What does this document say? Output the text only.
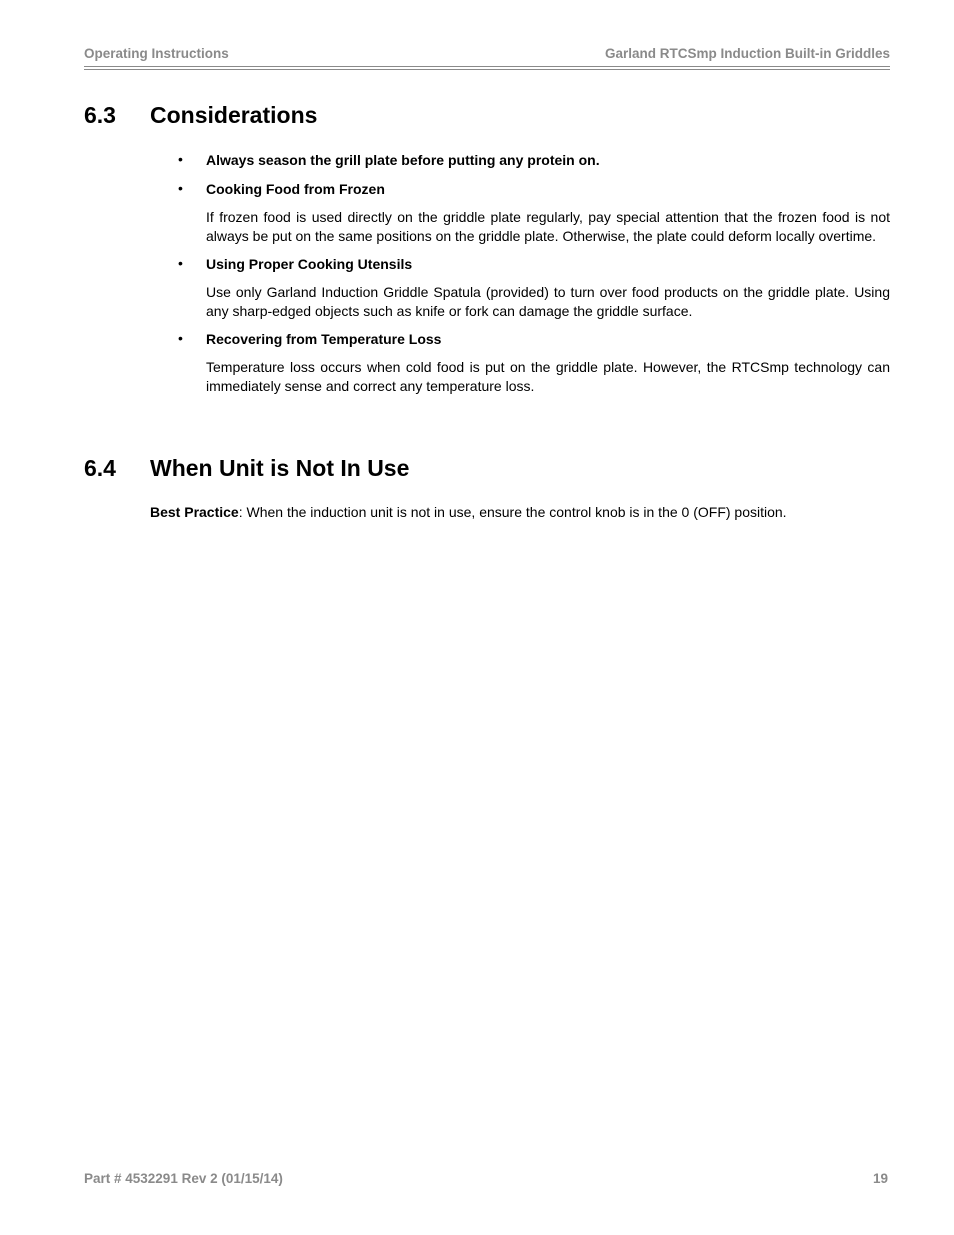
Operating Instructions	Garland RTCSmp Induction Built-in Griddles
6.3	Considerations
• Always season the grill plate before putting any protein on.
• Cooking Food from Frozen
If frozen food is used directly on the griddle plate regularly, pay special attention that the frozen food is not always be put on the same positions on the griddle plate. Otherwise, the plate could deform locally overtime.
• Using Proper Cooking Utensils
Use only Garland Induction Griddle Spatula (provided) to turn over food products on the griddle plate. Using any sharp-edged objects such as knife or fork can damage the griddle surface.
• Recovering from Temperature Loss
Temperature loss occurs when cold food is put on the griddle plate. However, the RTCSmp technology can immediately sense and correct any temperature loss.
6.4	When Unit is Not In Use
Best Practice: When the induction unit is not in use, ensure the control knob is in the 0 (OFF) position.
Part # 4532291 Rev 2 (01/15/14)	19
